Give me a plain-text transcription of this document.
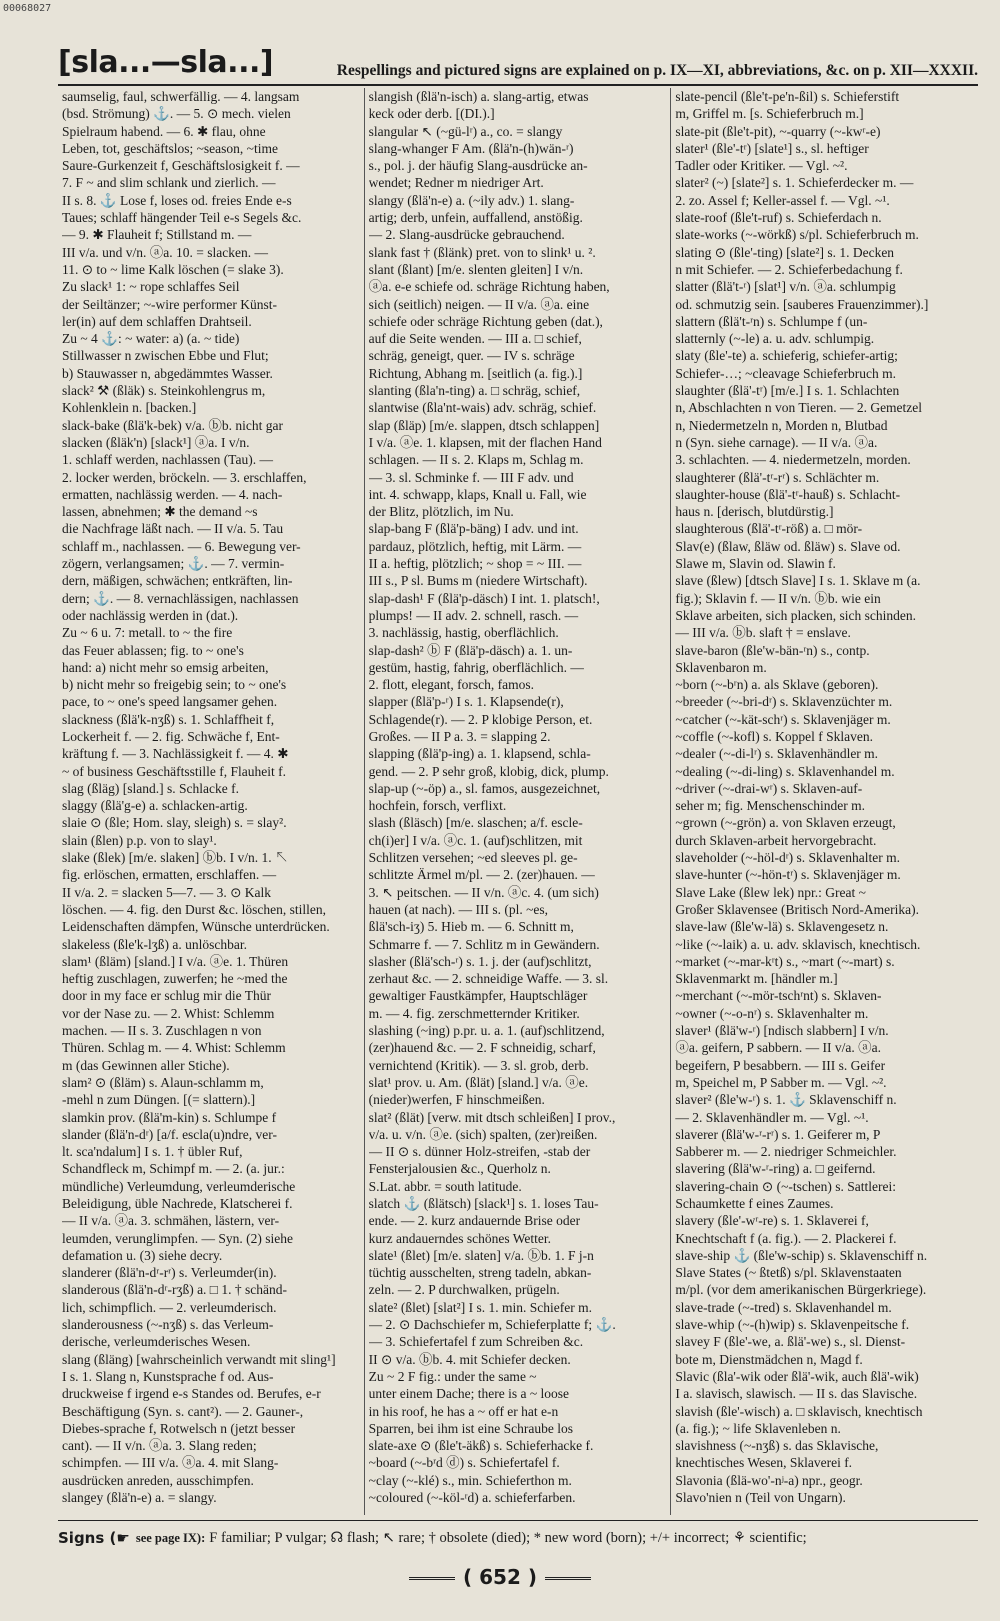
00068027
[sla...—sla...]	Respellings and pictured signs are explained on p. IX—XI, abbreviations, &c. on p. XII—XXXII.
saumselig, faul, schwerfällig. — 4. langsam
(bsd. Strömung) ⚓. — 5. ⊙ mech. vielen
Spielraum habend. — 6. ✱ flau, ohne
Leben, tot, geschäftslos; ~season, ~time
Saure-Gurkenzeit f, Geschäftslosigkeit f. —
7. F ~ and slim schlank und zierlich. —
II s. 8. ⚓ Lose f, loses od. freies Ende e-s
Taues; schlaff hängender Teil e-s Segels &c.
— 9. ✱ Flauheit f; Stillstand m. —
III v/a. und v/n. ⓐa. 10. = slacken. —
11. ⊙ to ~ lime Kalk löschen (= slake 3).
Zu slack¹ 1: ~ rope schlaffes Seil
der Seiltänzer; ~-wire performer Künst-
ler(in) auf dem schlaffen Drahtseil.
Zu ~ 4 ⚓: ~ water: a) (a. ~ tide)
Stillwasser n zwischen Ebbe und Flut;
b) Stauwasser n, abgedämmtes Wasser.
slack² ⚒ (ßläk) s. Steinkohlengrus m,
Kohlenklein n. [backen.]
slack-bake (ßlä'k-bek) v/a. ⓑb. nicht gar
slacken (ßläk'n) [slack¹] ⓐa. I v/n.
1. schlaff werden, nachlassen (Tau). —
2. locker werden, bröckeln. — 3. erschlaffen,
ermatten, nachlässig werden. — 4. nach-
lassen, abnehmen; ✱ the demand ~s
die Nachfrage läßt nach. — II v/a. 5. Tau
schlaff m., nachlassen. — 6. Bewegung ver-
zögern, verlangsamen; ⚓. — 7. vermin-
dern, mäßigen, schwächen; entkräften, lin-
dern; ⚓. — 8. vernachlässigen, nachlassen
oder nachlässig werden in (dat.).
Zu ~ 6 u. 7: metall. to ~ the fire
das Feuer ablassen; fig. to ~ one's
hand: a) nicht mehr so emsig arbeiten,
b) nicht mehr so freigebig sein; to ~ one's
pace, to ~ one's speed langsamer gehen.
slackness (ßlä'k-nʒß) s. 1. Schlaffheit f,
Lockerheit f. — 2. fig. Schwäche f, Ent-
kräftung f. — 3. Nachlässigkeit f. — 4. ✱
~ of business Geschäftsstille f, Flauheit f.
slag (ßläg) [sland.] s. Schlacke f.
slaggy (ßlä'g-e) a. schlacken-artig.
slaie ⊙ (ßle; Hom. slay, sleigh) s. = slay².
slain (ßlen) p.p. von to slay¹.
slake (ßlek) [m/e. slaken] ⓑb. I v/n. 1. ↖
fig. erlöschen, ermatten, erschlaffen. —
II v/a. 2. = slacken 5—7. — 3. ⊙ Kalk
löschen. — 4. fig. den Durst &c. löschen, stillen,
Leidenschaften dämpfen, Wünsche unterdrücken.
slakeless (ßle'k-lʒß) a. unlöschbar.
slam¹ (ßläm) [sland.] I v/a. ⓐe. 1. Thüren
heftig zuschlagen, zuwerfen; he ~med the
door in my face er schlug mir die Thür
vor der Nase zu. — 2. Whist: Schlemm
machen. — II s. 3. Zuschlagen n von
Thüren. Schlag m. — 4. Whist: Schlemm
m (das Gewinnen aller Stiche).
slam² ⊙ (ßläm) s. Alaun-schlamm m,
-mehl n zum Düngen. [(= slattern).]
slamkin prov. (ßlä'm-kin) s. Schlumpe f
slander (ßlä'n-dʳ) [a/f. escla(u)ndre, ver-
lt. sca'ndalum] I s. 1. † übler Ruf,
Schandfleck m, Schimpf m. — 2. (a. jur.:
mündliche) Verleumdung, verleumderische
Beleidigung, üble Nachrede, Klatscherei f.
— II v/a. ⓐa. 3. schmähen, lästern, ver-
leumden, verunglimpfen. — Syn. (2) siehe
defamation u. (3) siehe decry.
slanderer (ßlä'n-dʳ-rʳ) s. Verleumder(in).
slanderous (ßlä'n-dʳ-rʒß) a. □ 1. † schänd-
lich, schimpflich. — 2. verleumderisch.
slanderousness (~-nʒß) s. das Verleum-
derische, verleumderisches Wesen.
slang (ßläng) [wahrscheinlich verwandt mit sling¹]
I s. 1. Slang n, Kunstsprache f od. Aus-
druckweise f irgend e-s Standes od. Berufes, e-r
Beschäftigung (Syn. s. cant²). — 2. Gauner-,
Diebes-sprache f, Rotwelsch n (jetzt besser
cant). — II v/n. ⓐa. 3. Slang reden;
schimpfen. — III v/a. ⓐa. 4. mit Slang-
ausdrücken anreden, ausschimpfen.
slangey (ßlä'n-e) a. = slangy.
slangish (ßlä'n-isch) a. slang-artig, etwas
keck oder derb. [(DI.).]
slangular ↖ (~gü-lʳ) a., co. = slangy
slang-whanger F Am. (ßlä'n-(h)wän-ʳ)
s., pol. j. der häufig Slang-ausdrücke an-
wendet; Redner m niedriger Art.
slangy (ßlä'n-e) a. (~ily adv.) 1. slang-
artig; derb, unfein, auffallend, anstößig.
— 2. Slang-ausdrücke gebrauchend.
slank fast † (ßlänk) pret. von to slink¹ u. ².
slant (ßlant) [m/e. slenten gleiten] I v/n.
ⓐa. e-e schiefe od. schräge Richtung haben,
sich (seitlich) neigen. — II v/a. ⓐa. eine
schiefe oder schräge Richtung geben (dat.),
auf die Seite wenden. — III a. □ schief,
schräg, geneigt, quer. — IV s. schräge
Richtung, Abhang m. [seitlich (a. fig.).]
slanting (ßla'n-ting) a. □ schräg, schief,
slantwise (ßla'nt-wais) adv. schräg, schief.
slap (ßläp) [m/e. slappen, dtsch schlappen]
I v/a. ⓐe. 1. klapsen, mit der flachen Hand
schlagen. — II s. 2. Klaps m, Schlag m.
— 3. sl. Schminke f. — III F adv. und
int. 4. schwapp, klaps, Knall u. Fall, wie
der Blitz, plötzlich, im Nu.
slap-bang F (ßlä'p-bäng) I adv. und int.
pardauz, plötzlich, heftig, mit Lärm. —
II a. heftig, plötzlich; ~ shop = ~ III. —
III s., P sl. Bums m (niedere Wirtschaft).
slap-dash¹ F (ßlä'p-däsch) I int. 1. platsch!,
plumps! — II adv. 2. schnell, rasch. —
3. nachlässig, hastig, oberflächlich.
slap-dash² ⓑ F (ßlä'p-däsch) a. 1. un-
gestüm, hastig, fahrig, oberflächlich. —
2. flott, elegant, forsch, famos.
slapper (ßlä'p-ʳ) I s. 1. Klapsende(r),
Schlagende(r). — 2. P klobige Person, et.
Großes. — II P a. 3. = slapping 2.
slapping (ßlä'p-ing) a. 1. klapsend, schla-
gend. — 2. P sehr groß, klobig, dick, plump.
slap-up (~-öp) a., sl. famos, ausgezeichnet,
hochfein, forsch, verflixt.
slash (ßläsch) [m/e. slaschen; a/f. escle-
ch(i)er] I v/a. ⓐc. 1. (auf)schlitzen, mit
Schlitzen versehen; ~ed sleeves pl. ge-
schlitzte Ärmel m/pl. — 2. (zer)hauen. —
3. ↖ peitschen. — II v/n. ⓐc. 4. (um sich)
hauen (at nach). — III s. (pl. ~es,
ßlä'sch-iʒ) 5. Hieb m. — 6. Schnitt m,
Schmarre f. — 7. Schlitz m in Gewändern.
slasher (ßlä'sch-ʳ) s. 1. j. der (auf)schlitzt,
zerhaut &c. — 2. schneidige Waffe. — 3. sl.
gewaltiger Faustkämpfer, Hauptschläger
m. — 4. fig. zerschmetternder Kritiker.
slashing (~ing) p.pr. u. a. 1. (auf)schlitzend,
(zer)hauend &c. — 2. F schneidig, scharf,
vernichtend (Kritik). — 3. sl. grob, derb.
slat¹ prov. u. Am. (ßlät) [sland.] v/a. ⓐe.
(nieder)werfen, F hinschmeißen.
slat² (ßlät) [verw. mit dtsch schleißen] I prov.,
v/a. u. v/n. ⓐe. (sich) spalten, (zer)reißen.
— II ⊙ s. dünner Holz-streifen, -stab der
Fensterjalousien &c., Querholz n.
S.Lat. abbr. = south latitude.
slatch ⚓ (ßlätsch) [slack¹] s. 1. loses Tau-
ende. — 2. kurz andauernde Brise oder
kurz andauerndes schönes Wetter.
slate¹ (ßlet) [m/e. slaten] v/a. ⓑb. 1. F j-n
tüchtig ausschelten, streng tadeln, abkan-
zeln. — 2. P durchwalken, prügeln.
slate² (ßlet) [slat²] I s. 1. min. Schiefer m.
— 2. ⊙ Dachschiefer m, Schieferplatte f; ⚓.
— 3. Schiefertafel f zum Schreiben &c.
II ⊙ v/a. ⓑb. 4. mit Schiefer decken.
Zu ~ 2 F fig.: under the same ~
unter einem Dache; there is a ~ loose
in his roof, he has a ~ off er hat e-n
Sparren, bei ihm ist eine Schraube los
slate-axe ⊙ (ßle't-äkß) s. Schieferhacke f.
~board (~-bʳd ⓓ) s. Schiefertafel f.
~clay (~-klé) s., min. Schieferthon m.
~coloured (~-köl-ʳd) a. schieferfarben.
slate-pencil (ßle't-pe'n-ßil) s. Schieferstift
m, Griffel m. [s. Schieferbruch m.]
slate-pit (ßle't-pit), ~-quarry (~-kwʳ-e)
slater¹ (ßle'-tʳ) [slate¹] s., sl. heftiger
Tadler oder Kritiker. — Vgl. ~².
slater² (~) [slate²] s. 1. Schieferdecker m. —
2. zo. Assel f; Keller-assel f. — Vgl. ~¹.
slate-roof (ßle't-ruf) s. Schieferdach n.
slate-works (~-wörkß) s/pl. Schieferbruch m.
slating ⊙ (ßle'-ting) [slate²] s. 1. Decken
n mit Schiefer. — 2. Schieferbedachung f.
slatter (ßlä't-ʳ) [slat¹] v/n. ⓐa. schlumpig
od. schmutzig sein. [sauberes Frauenzimmer).]
slattern (ßlä't-ʳn) s. Schlumpe f (un-
slatternly (~-le) a. u. adv. schlumpig.
slaty (ßle'-te) a. schieferig, schiefer-artig;
Schiefer-…; ~cleavage Schieferbruch m.
slaughter (ßlä'-tʳ) [m/e.] I s. 1. Schlachten
n, Abschlachten n von Tieren. — 2. Gemetzel
n, Niedermetzeln n, Morden n, Blutbad
n (Syn. siehe carnage). — II v/a. ⓐa.
3. schlachten. — 4. niedermetzeln, morden.
slaughterer (ßlä'-tʳ-rʳ) s. Schlächter m.
slaughter-house (ßlä'-tʳ-hauß) s. Schlacht-
haus n. [derisch, blutdürstig.]
slaughterous (ßlä'-tʳ-röß) a. □ mör-
Slav(e) (ßlaw, ßläw od. ßläw) s. Slave od.
Slawe m, Slavin od. Slawin f.
slave (ßlew) [dtsch Slave] I s. 1. Sklave m (a.
fig.); Sklavin f. — II v/n. ⓑb. wie ein
Sklave arbeiten, sich placken, sich schinden.
— III v/a. ⓑb. slaft † = enslave.
slave-baron (ßle'w-bän-ʳn) s., contp.
Sklavenbaron m.
~born (~-bʳn) a. als Sklave (geboren).
~breeder (~-bri-dʳ) s. Sklavenzüchter m.
~catcher (~-kät-schʳ) s. Sklavenjäger m.
~coffle (~-kofl) s. Koppel f Sklaven.
~dealer (~-di-lʳ) s. Sklavenhändler m.
~dealing (~-di-ling) s. Sklavenhandel m.
~driver (~-drai-wʳ) s. Sklaven-auf-
seher m; fig. Menschenschinder m.
~grown (~-grön) a. von Sklaven erzeugt,
durch Sklaven-arbeit hervorgebracht.
slaveholder (~-höl-dʳ) s. Sklavenhalter m.
slave-hunter (~-hön-tʳ) s. Sklavenjäger m.
Slave Lake (ßlew lek) npr.: Great ~
Großer Sklavensee (Britisch Nord-Amerika).
slave-law (ßle'w-lä) s. Sklavengesetz n.
~like (~-laik) a. u. adv. sklavisch, knechtisch.
~market (~-mar-kʳt) s., ~mart (~-mart) s.
Sklavenmarkt m. [händler m.]
~merchant (~-mör-tschʳnt) s. Sklaven-
~owner (~-o-nʳ) s. Sklavenhalter m.
slaver¹ (ßlä'w-ʳ) [ndisch slabbern] I v/n.
ⓐa. geifern, P sabbern. — II v/a. ⓐa.
begeifern, P besabbern. — III s. Geifer
m, Speichel m, P Sabber m. — Vgl. ~².
slaver² (ßle'w-ʳ) s. 1. ⚓ Sklavenschiff n.
— 2. Sklavenhändler m. — Vgl. ~¹.
slaverer (ßlä'w-ʳ-rʳ) s. 1. Geiferer m, P
Sabberer m. — 2. niedriger Schmeichler.
slavering (ßlä'w-ʳ-ring) a. □ geifernd.
slavering-chain ⊙ (~-tschen) s. Sattlerei:
Schaumkette f eines Zaumes.
slavery (ßle'-wʳ-re) s. 1. Sklaverei f,
Knechtschaft f (a. fig.). — 2. Plackerei f.
slave-ship ⚓ (ßle'w-schip) s. Sklavenschiff n.
Slave States (~ ßtetß) s/pl. Sklavenstaaten
m/pl. (vor dem amerikanischen Bürgerkriege).
slave-trade (~-tred) s. Sklavenhandel m.
slave-whip (~-(h)wip) s. Sklavenpeitsche f.
slavey F (ßle'-we, a. ßlä'-we) s., sl. Dienst-
bote m, Dienstmädchen n, Magd f.
Slavic (ßla'-wik oder ßlä'-wik, auch ßlä'-wik)
I a. slavisch, slawisch. — II s. das Slavische.
slavish (ßle'-wisch) a. □ sklavisch, knechtisch
(a. fig.); ~ life Sklavenleben n.
slavishness (~-nʒß) s. das Sklavische,
knechtisches Wesen, Sklaverei f.
Slavonia (ßlä-wo'-nʲ-a) npr., geogr.
Slavo'nien n (Teil von Ungarn).
Signs (☛ see page IX): F familiar; P vulgar; ☊ flash; ↖ rare; † obsolete (died); * new word (born); +/+ incorrect; ⚘ scientific;
( 652 )
